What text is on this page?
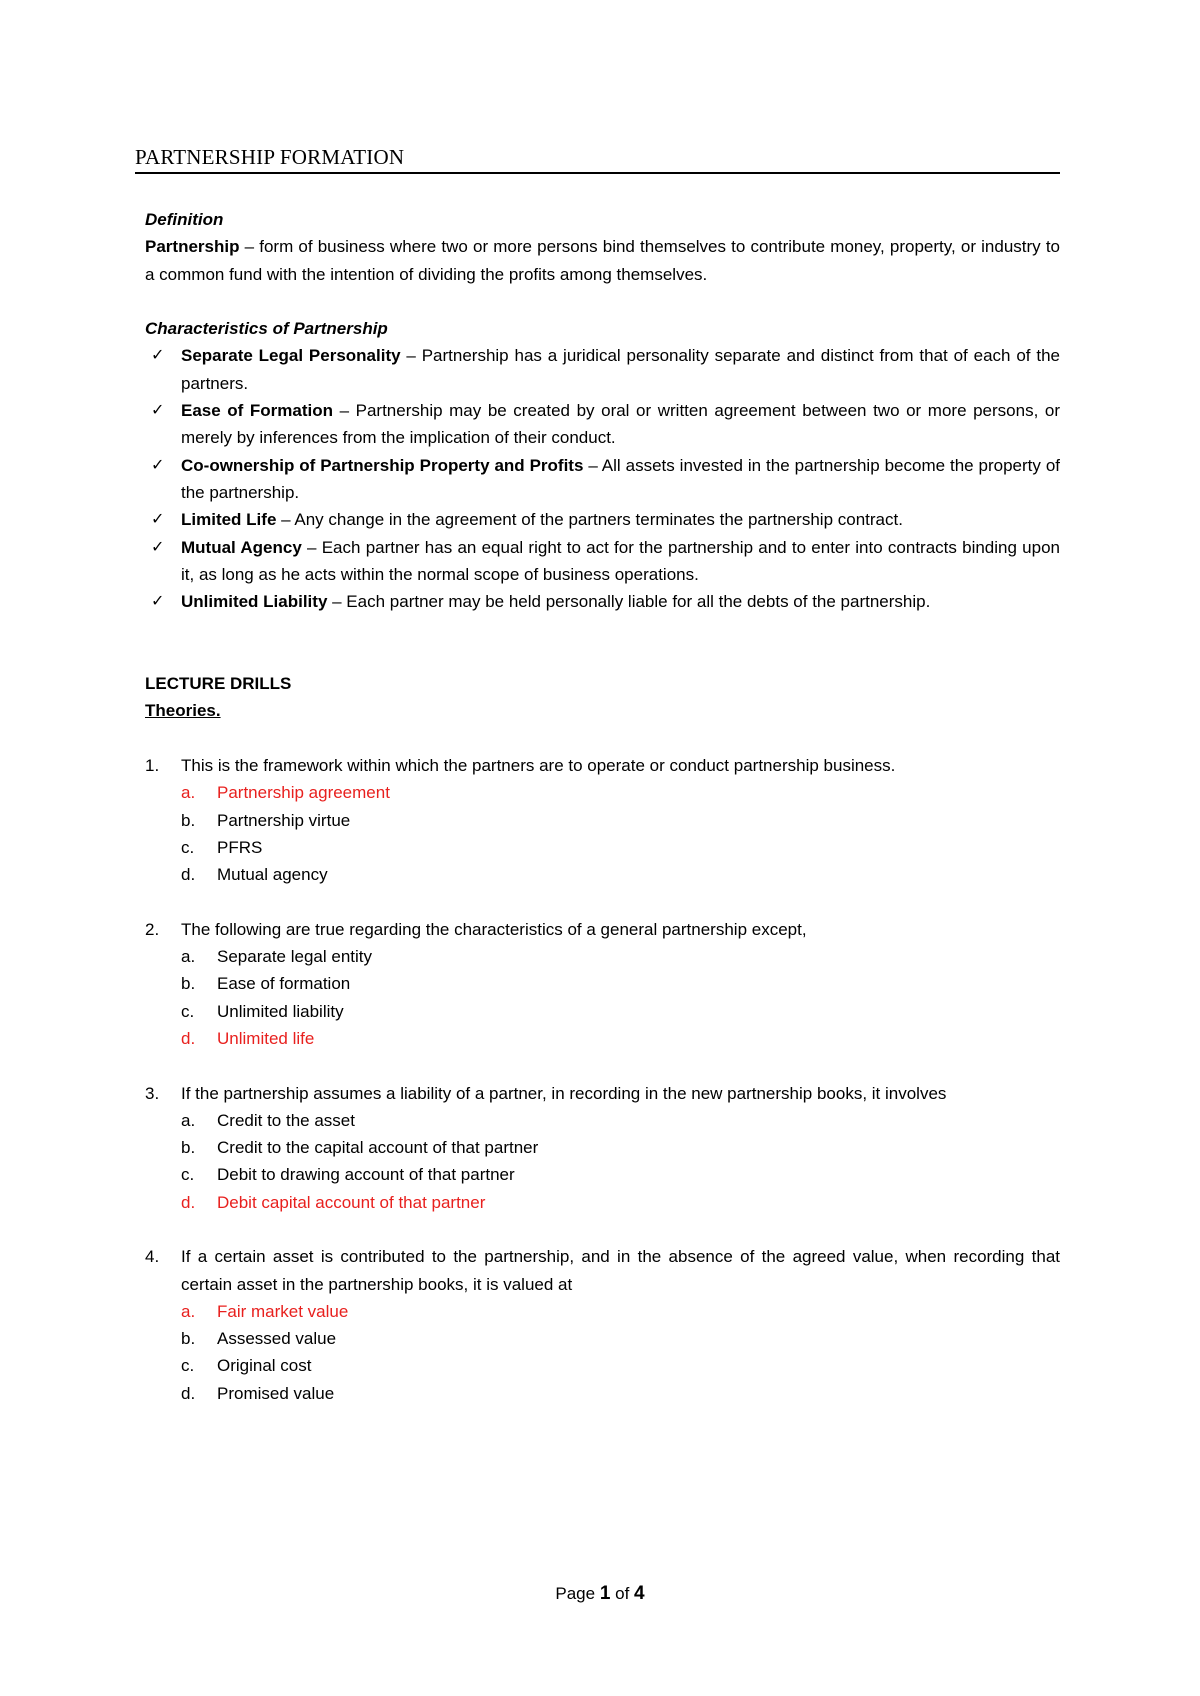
PARTNERSHIP FORMATION
Definition

Partnership – form of business where two or more persons bind themselves to contribute money, property, or industry to a common fund with the intention of dividing the profits among themselves.

Characteristics of Partnership
✓ Separate Legal Personality – Partnership has a juridical personality separate and distinct from that of each of the partners.
✓ Ease of Formation – Partnership may be created by oral or written agreement between two or more persons, or merely by inferences from the implication of their conduct.
✓ Co-ownership of Partnership Property and Profits – All assets invested in the partnership become the property of the partnership.
✓ Limited Life – Any change in the agreement of the partners terminates the partnership contract.
✓ Mutual Agency – Each partner has an equal right to act for the partnership and to enter into contracts binding upon it, as long as he acts within the normal scope of business operations.
✓ Unlimited Liability – Each partner may be held personally liable for all the debts of the partnership.
LECTURE DRILLS
Theories.
1. This is the framework within which the partners are to operate or conduct partnership business.

a. Partnership agreement
b. Partnership virtue
c. PFRS
d. Mutual agency
2. The following are true regarding the characteristics of a general partnership except,

a. Separate legal entity
b. Ease of formation
c. Unlimited liability
d. Unlimited life
3. If the partnership assumes a liability of a partner, in recording in the new partnership books, it involves

a. Credit to the asset
b. Credit to the capital account of that partner
c. Debit to drawing account of that partner
d. Debit capital account of that partner
4. If a certain asset is contributed to the partnership, and in the absence of the agreed value, when recording that certain asset in the partnership books, it is valued at

a. Fair market value
b. Assessed value
c. Original cost
d. Promised value
Page 1 of 4
